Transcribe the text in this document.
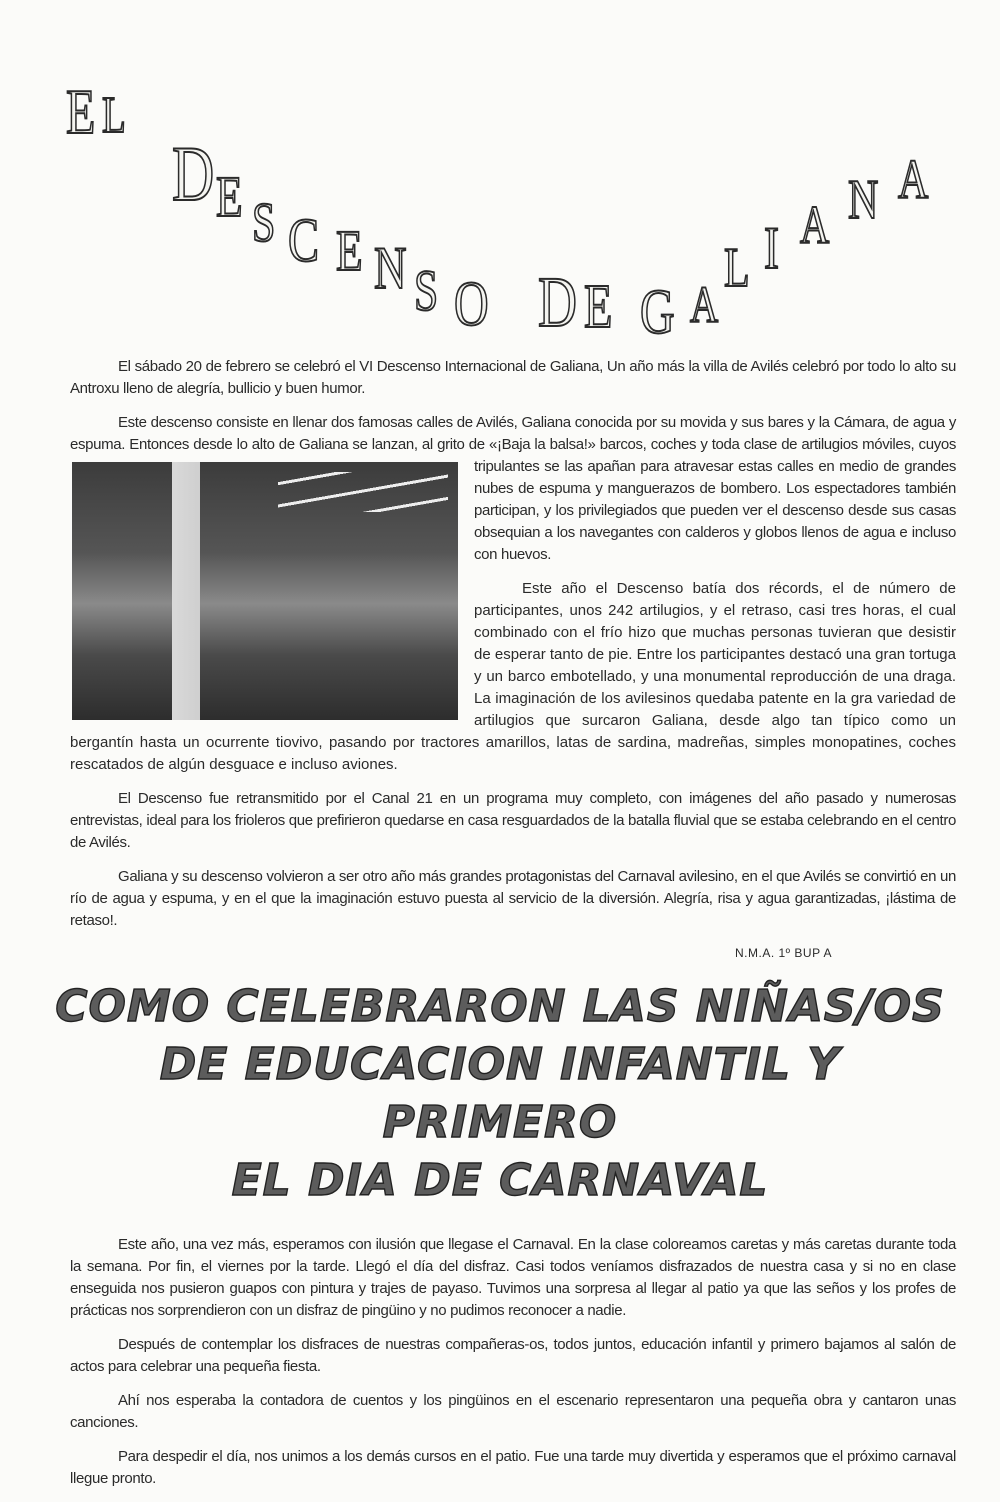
E L
D E S C E N S O D E G A
L I A N A

El sábado 20 de febrero se celebró el VI Descenso Internacional de Galiana, Un año más la villa de Avilés celebró por todo lo alto su Antroxu lleno de alegría, bullicio y buen humor.

Este descenso consiste en llenar dos famosas calles de Avilés, Galiana conocida por su movida y sus bares y la Cámara, de agua y espuma. Entonces desde lo alto de Galiana se lanzan, al grito de «¡Baja la balsa!» barcos, coches y toda clase de artilugios móviles, cuyos tripulantes se las apañan para atravesar estas calles en medio de grandes nubes de espuma y manguerazos de bombero. Los espectadores también participan, y los privilegiados que pueden ver el descenso desde sus casas obsequian a los navegantes con calderos y globos llenos de agua e incluso con huevos.

Este año el Descenso batía dos récords, el de número de participantes, unos 242 artilugios, y el retraso, casi tres horas, el cual combinado con el frío hizo que muchas personas tuvieran que desistir de esperar tanto de pie. Entre los participantes destacó una gran tortuga y un barco embotellado, y una monumental reproducción de una draga. La imaginación de los avilesinos quedaba patente en la gra variedad de artilugios que surcaron Galiana, desde algo tan típico como un bergantín hasta un ocurrente tiovivo, pasando por tractores amarillos, latas de sardina, madreñas, simples monopatines, coches rescatados de algún desguace e incluso aviones.

El Descenso fue retransmitido por el Canal 21 en un programa muy completo, con imágenes del año pasado y numerosas entrevistas, ideal para los frioleros que prefirieron quedarse en casa resguardados de la batalla fluvial que se estaba celebrando en el centro de Avilés.

Galiana y su descenso volvieron a ser otro año más grandes protagonistas del Carnaval avilesino, en el que Avilés se convirtió en un río de agua y espuma, y en el que la imaginación estuvo puesta al servicio de la diversión. Alegría, risa y agua garantizadas, ¡lástima de retaso!.

N.M.A. 1º BUP A
COMO CELEBRARON LAS NIÑAS/OS
DE EDUCACION INFANTIL Y PRIMERO
EL DIA DE CARNAVAL

Este año, una vez más, esperamos con ilusión que llegase el Carnaval. En la clase coloreamos caretas y más caretas durante toda la semana. Por fin, el viernes por la tarde. Llegó el día del disfraz. Casi todos veníamos disfrazados de nuestra casa y si no en clase enseguida nos pusieron guapos con pintura y trajes de payaso. Tuvimos una sorpresa al llegar al patio ya que las seños y los profes de prácticas nos sorprendieron con un disfraz de pingüino y no pudimos reconocer a nadie.

Después de contemplar los disfraces de nuestras compañeras-os, todos juntos, educación infantil y primero bajamos al salón de actos para celebrar una pequeña fiesta.

Ahí nos esperaba la contadora de cuentos y los pingüinos en el escenario representaron una pequeña obra y cantaron unas canciones.

Para despedir el día, nos unimos a los demás cursos en el patio. Fue una tarde muy divertida y esperamos que el próximo carnaval llegue pronto.
